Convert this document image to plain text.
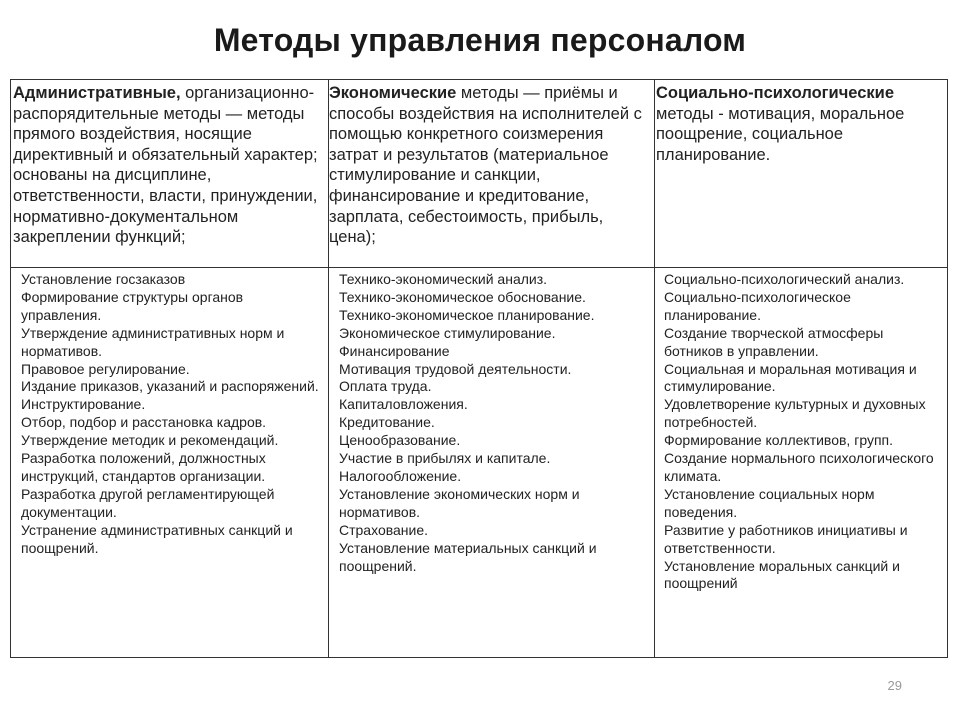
Методы управления персоналом
Административные, организационно-распорядительные методы — методы прямого воздействия, носящие директивный и обязательный характер; основаны на дисциплине, ответственности, власти, принуждении, нормативно-документальном закреплении функций;
Экономические методы — приёмы и способы воздействия на исполнителей с помощью конкретного соизмерения затрат и результатов (материальное стимулирование и санкции, финансирование и кредитование, зарплата, себестоимость, прибыль, цена);
Социально-психологические методы - мотивация, моральное поощрение, социальное планирование.
Установление госзаказов
Формирование структуры органов управления.
Утверждение административных норм и нормативов.
Правовое регулирование.
Издание приказов, указаний и распоряжений.
Инструктирование.
Отбор, подбор и расстановка кадров.
Утверждение методик и рекомендаций.
Разработка положений, должностных инструкций, стандартов организации.
Разработка другой регламентирующей документации.
Устранение административных санкций и поощрений.
Технико-экономический анализ.
Технико-экономическое обоснование.
Технико-экономическое планирование.
Экономическое стимулирование.
Финансирование
Мотивация трудовой деятельности.
Оплата труда.
Капиталовложения.
Кредитование.
Ценообразование.
Участие в прибылях и капитале.
Налогообложение.
Установление экономических норм и нормативов.
Страхование.
Установление материальных санкций и поощрений.
Социально-психологический анализ.
Социально-психологическое планирование.
Создание творческой атмосферы ботников в управлении.
Социальная и моральная мотивация и стимулирование.
Удовлетворение культурных и духовных потребностей.
Формирование коллективов, групп.
Создание нормального психологического климата.
Установление социальных норм поведения.
Развитие у работников инициативы и ответственности.
Установление моральных санкций и поощрений
29
